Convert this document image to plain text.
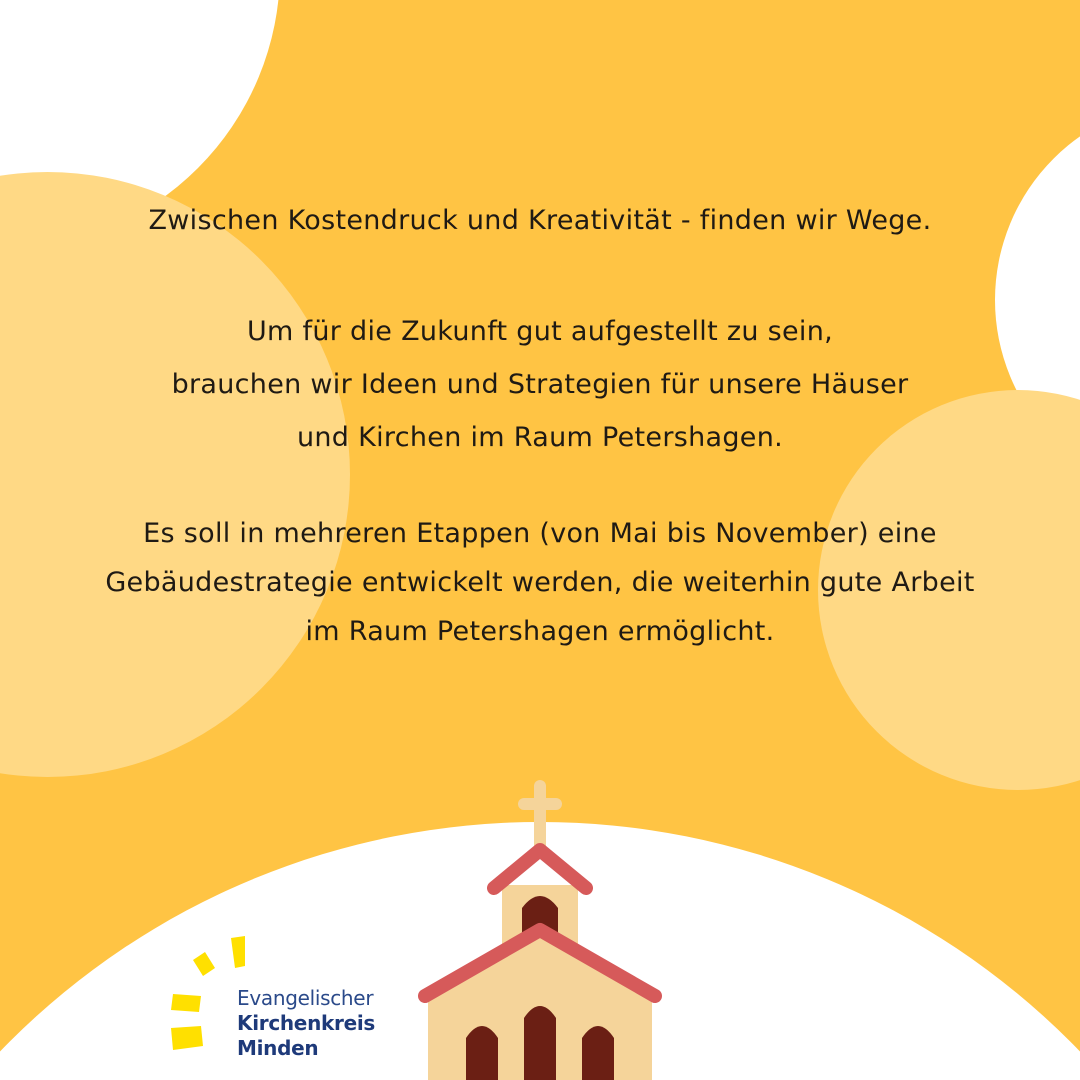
Zwischen Kostendruck und Kreativität - finden wir Wege.
Um für die Zukunft gut aufgestellt zu sein,
brauchen wir Ideen und Strategien für unsere Häuser
und Kirchen im Raum Petershagen.
Es soll in mehreren Etappen (von Mai bis November) eine
Gebäudestrategie entwickelt werden, die weiterhin gute Arbeit
im Raum Petershagen ermöglicht.
Evangelischer
Kirchenkreis
Minden
